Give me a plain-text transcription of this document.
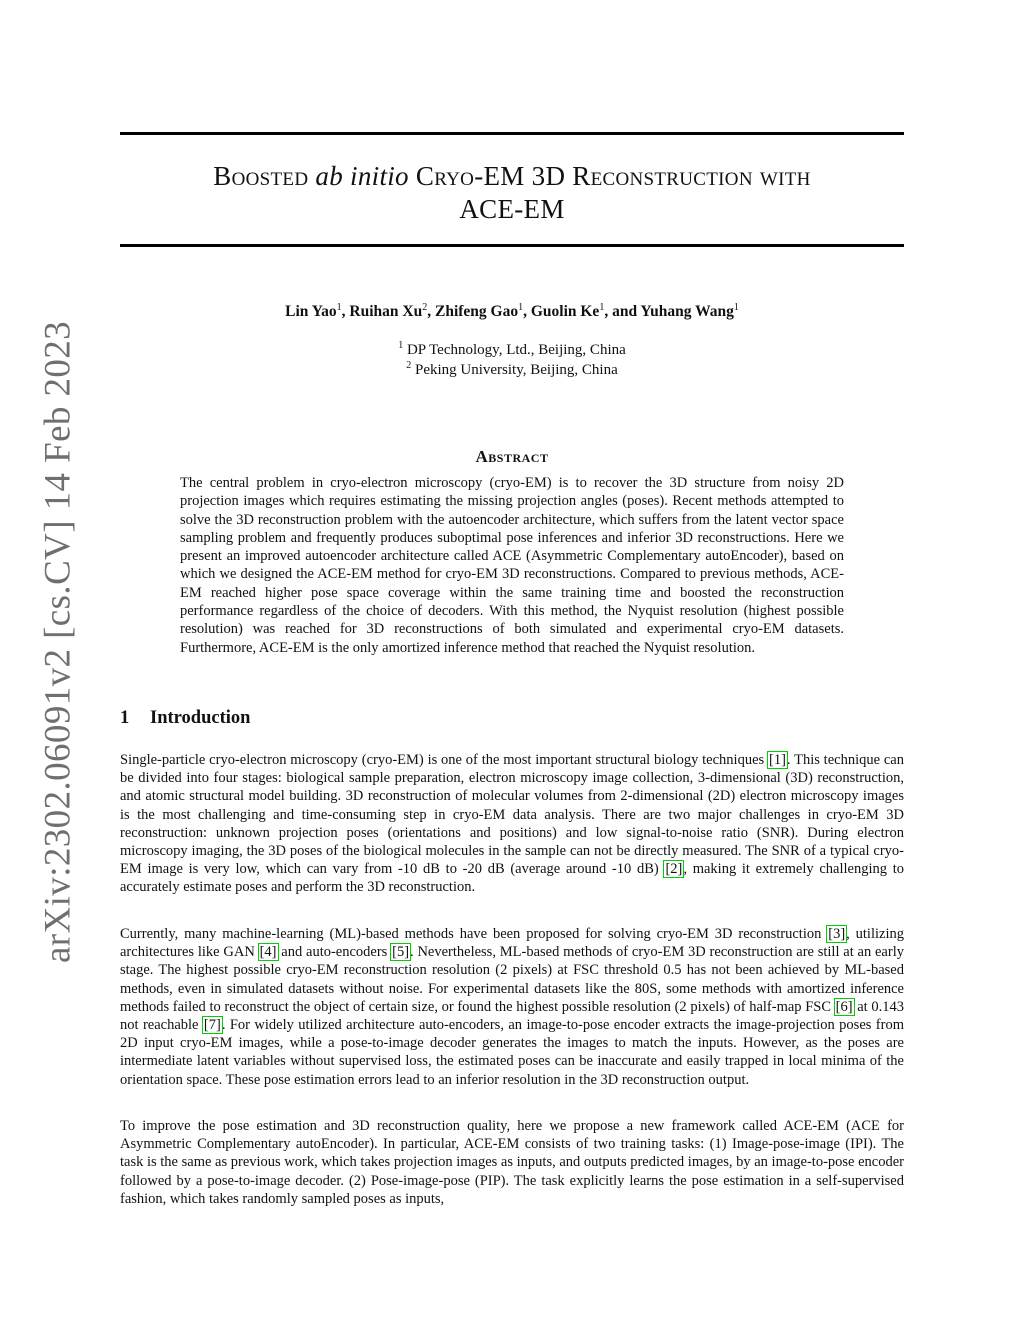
arXiv:2302.06091v2 [cs.CV] 14 Feb 2023
Boosted ab initio Cryo-EM 3D Reconstruction with
ACE-EM
Lin Yao$^1$, Ruihan Xu$^2$, Zhifeng Gao$^1$, Guolin Ke$^1$, and Yuhang Wang$^1$
$^1$ DP Technology, Ltd., Beijing, China
$^2$ Peking University, Beijing, China
Abstract

The central problem in cryo-electron microscopy (cryo-EM) is to recover the 3D structure from noisy 2D projection images which requires estimating the missing projection angles (poses). Recent methods attempted to solve the 3D reconstruction problem with the autoencoder architecture, which suffers from the latent vector space sampling problem and frequently produces suboptimal pose inferences and inferior 3D reconstructions. Here we present an improved autoencoder architecture called ACE (Asymmetric Complementary autoEncoder), based on which we designed the ACE-EM method for cryo-EM 3D reconstructions. Compared to previous methods, ACE-EM reached higher pose space coverage within the same training time and boosted the reconstruction performance regardless of the choice of decoders. With this method, the Nyquist resolution (highest possible resolution) was reached for 3D reconstructions of both simulated and experimental cryo-EM datasets. Furthermore, ACE-EM is the only amortized inference method that reached the Nyquist resolution.

1 Introduction

Single-particle cryo-electron microscopy (cryo-EM) is one of the most important structural biology techniques [1]. This technique can be divided into four stages: biological sample preparation, electron microscopy image collection, 3-dimensional (3D) reconstruction, and atomic structural model building. 3D reconstruction of molecular volumes from 2-dimensional (2D) electron microscopy images is the most challenging and time-consuming step in cryo-EM data analysis. There are two major challenges in cryo-EM 3D reconstruction: unknown projection poses (orientations and positions) and low signal-to-noise ratio (SNR). During electron microscopy imaging, the 3D poses of the biological molecules in the sample can not be directly measured. The SNR of a typical cryo-EM image is very low, which can vary from -10 dB to -20 dB (average around -10 dB) [2], making it extremely challenging to accurately estimate poses and perform the 3D reconstruction.

Currently, many machine-learning (ML)-based methods have been proposed for solving cryo-EM 3D reconstruction [3], utilizing architectures like GAN [4] and auto-encoders [5]. Nevertheless, ML-based methods of cryo-EM 3D reconstruction are still at an early stage. The highest possible cryo-EM reconstruction resolution (2 pixels) at FSC threshold 0.5 has not been achieved by ML-based methods, even in simulated datasets without noise. For experimental datasets like the 80S, some methods with amortized inference methods failed to reconstruct the object of certain size, or found the highest possible resolution (2 pixels) of half-map FSC [6] at 0.143 not reachable [7]. For widely utilized architecture auto-encoders, an image-to-pose encoder extracts the image-projection poses from 2D input cryo-EM images, while a pose-to-image decoder generates the images to match the inputs. However, as the poses are intermediate latent variables without supervised loss, the estimated poses can be inaccurate and easily trapped in local minima of the orientation space. These pose estimation errors lead to an inferior resolution in the 3D reconstruction output.

To improve the pose estimation and 3D reconstruction quality, here we propose a new framework called ACE-EM (ACE for Asymmetric Complementary autoEncoder). In particular, ACE-EM consists of two training tasks: (1) Image-pose-image (IPI). The task is the same as previous work, which takes projection images as inputs, and outputs predicted images, by an image-to-pose encoder followed by a pose-to-image decoder. (2) Pose-image-pose (PIP). The task explicitly learns the pose estimation in a self-supervised fashion, which takes randomly sampled poses as inputs,
